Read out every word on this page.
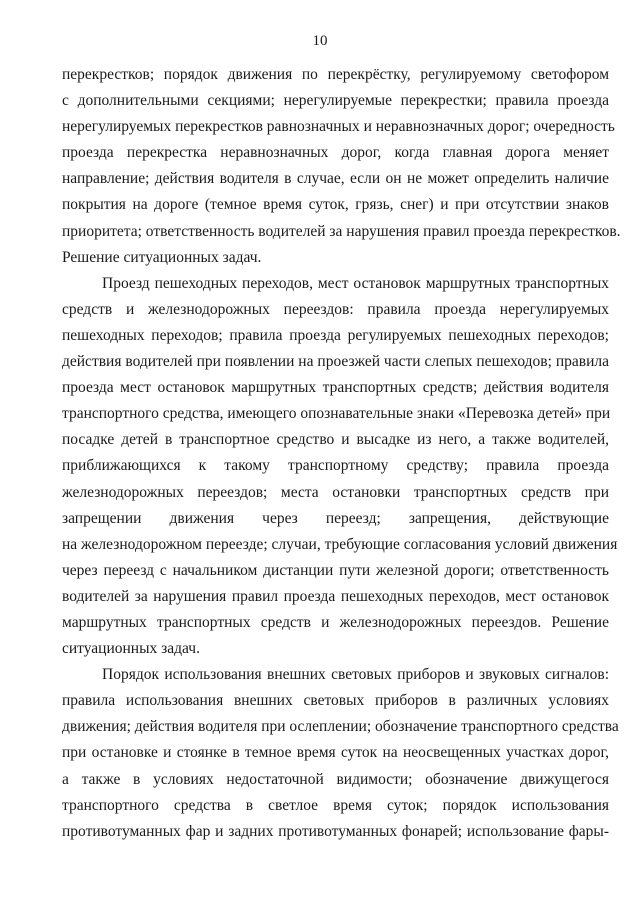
10
перекрестков; порядок движения по перекрёстку, регулируемому светофором
с дополнительными секциями; нерегулируемые перекрестки; правила проезда
нерегулируемых перекрестков равнозначных и неравнозначных дорог; очередность
проезда перекрестка неравнозначных дорог, когда главная дорога меняет
направление; действия водителя в случае, если он не может определить наличие
покрытия на дороге (темное время суток, грязь, снег) и при отсутствии знаков
приоритета; ответственность водителей за нарушения правил проезда перекрестков.
Решение ситуационных задач.
Проезд пешеходных переходов, мест остановок маршрутных транспортных
средств и железнодорожных переездов: правила проезда нерегулируемых
пешеходных переходов; правила проезда регулируемых пешеходных переходов;
действия водителей при появлении на проезжей части слепых пешеходов; правила
проезда мест остановок маршрутных транспортных средств; действия водителя
транспортного средства, имеющего опознавательные знаки «Перевозка детей» при
посадке детей в транспортное средство и высадке из него, а также водителей,
приближающихся к такому транспортному средству; правила проезда
железнодорожных переездов; места остановки транспортных средств при
запрещении движения через переезд; запрещения, действующие
на железнодорожном переезде; случаи, требующие согласования условий движения
через переезд с начальником дистанции пути железной дороги; ответственность
водителей за нарушения правил проезда пешеходных переходов, мест остановок
маршрутных транспортных средств и железнодорожных переездов. Решение
ситуационных задач.
Порядок использования внешних световых приборов и звуковых сигналов:
правила использования внешних световых приборов в различных условиях
движения; действия водителя при ослеплении; обозначение транспортного средства
при остановке и стоянке в темное время суток на неосвещенных участках дорог,
а также в условиях недостаточной видимости; обозначение движущегося
транспортного средства в светлое время суток; порядок использования
противотуманных фар и задних противотуманных фонарей; использование фары-
